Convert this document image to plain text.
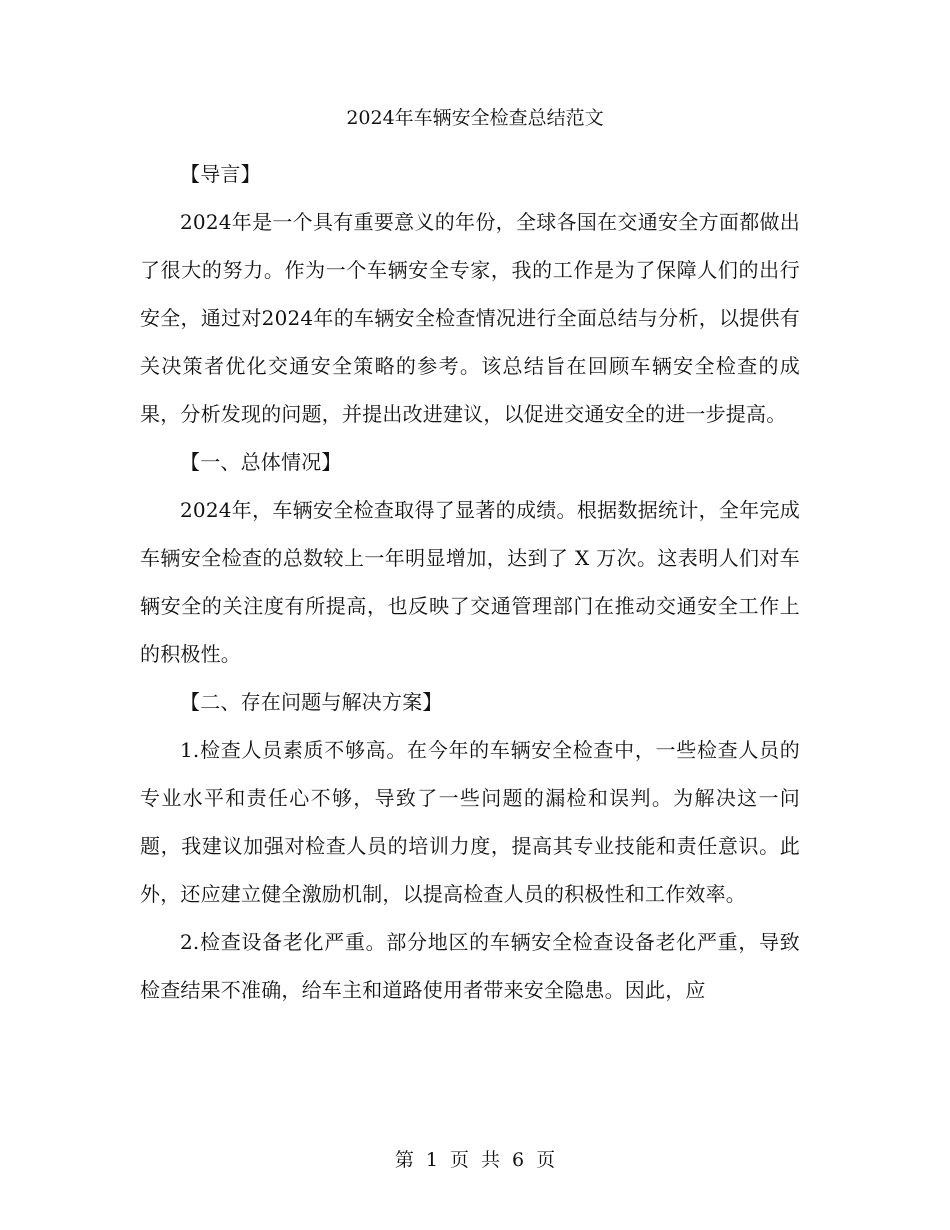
2024年车辆安全检查总结范文

【导言】

2024年是一个具有重要意义的年份，全球各国在交通安全方面都做出了很大的努力。作为一个车辆安全专家，我的工作是为了保障人们的出行安全，通过对2024年的车辆安全检查情况进行全面总结与分析，以提供有关决策者优化交通安全策略的参考。该总结旨在回顾车辆安全检查的成果，分析发现的问题，并提出改进建议，以促进交通安全的进一步提高。

【一、总体情况】

2024年，车辆安全检查取得了显著的成绩。根据数据统计，全年完成车辆安全检查的总数较上一年明显增加，达到了 X 万次。这表明人们对车辆安全的关注度有所提高，也反映了交通管理部门在推动交通安全工作上的积极性。

【二、存在问题与解决方案】

1.检查人员素质不够高。在今年的车辆安全检查中，一些检查人员的专业水平和责任心不够，导致了一些问题的漏检和误判。为解决这一问题，我建议加强对检查人员的培训力度，提高其专业技能和责任意识。此外，还应建立健全激励机制，以提高检查人员的积极性和工作效率。

2.检查设备老化严重。部分地区的车辆安全检查设备老化严重，导致检查结果不准确，给车主和道路使用者带来安全隐患。因此，应

第 1 页 共 6 页
